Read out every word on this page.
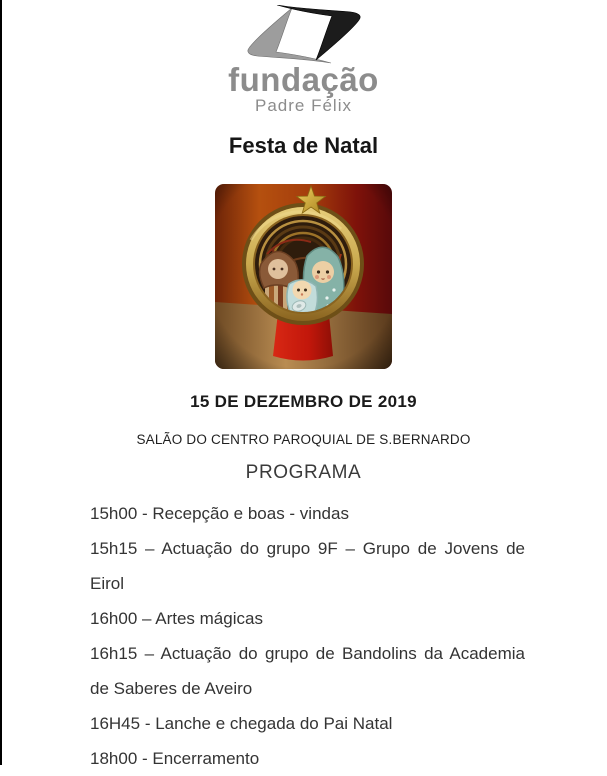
fundação
Padre Félix
Festa de Natal
15 DE DEZEMBRO DE 2019
SALÃO DO CENTRO PAROQUIAL DE S.BERNARDO
PROGRAMA

15h00 - Recepção e boas - vindas

15h15 – Actuação do grupo 9F – Grupo de Jovens de Eirol

16h00 – Artes mágicas

16h15 – Actuação do grupo de Bandolins da Academia de Saberes de Aveiro

16H45 - Lanche e chegada do Pai Natal

18h00 - Encerramento
